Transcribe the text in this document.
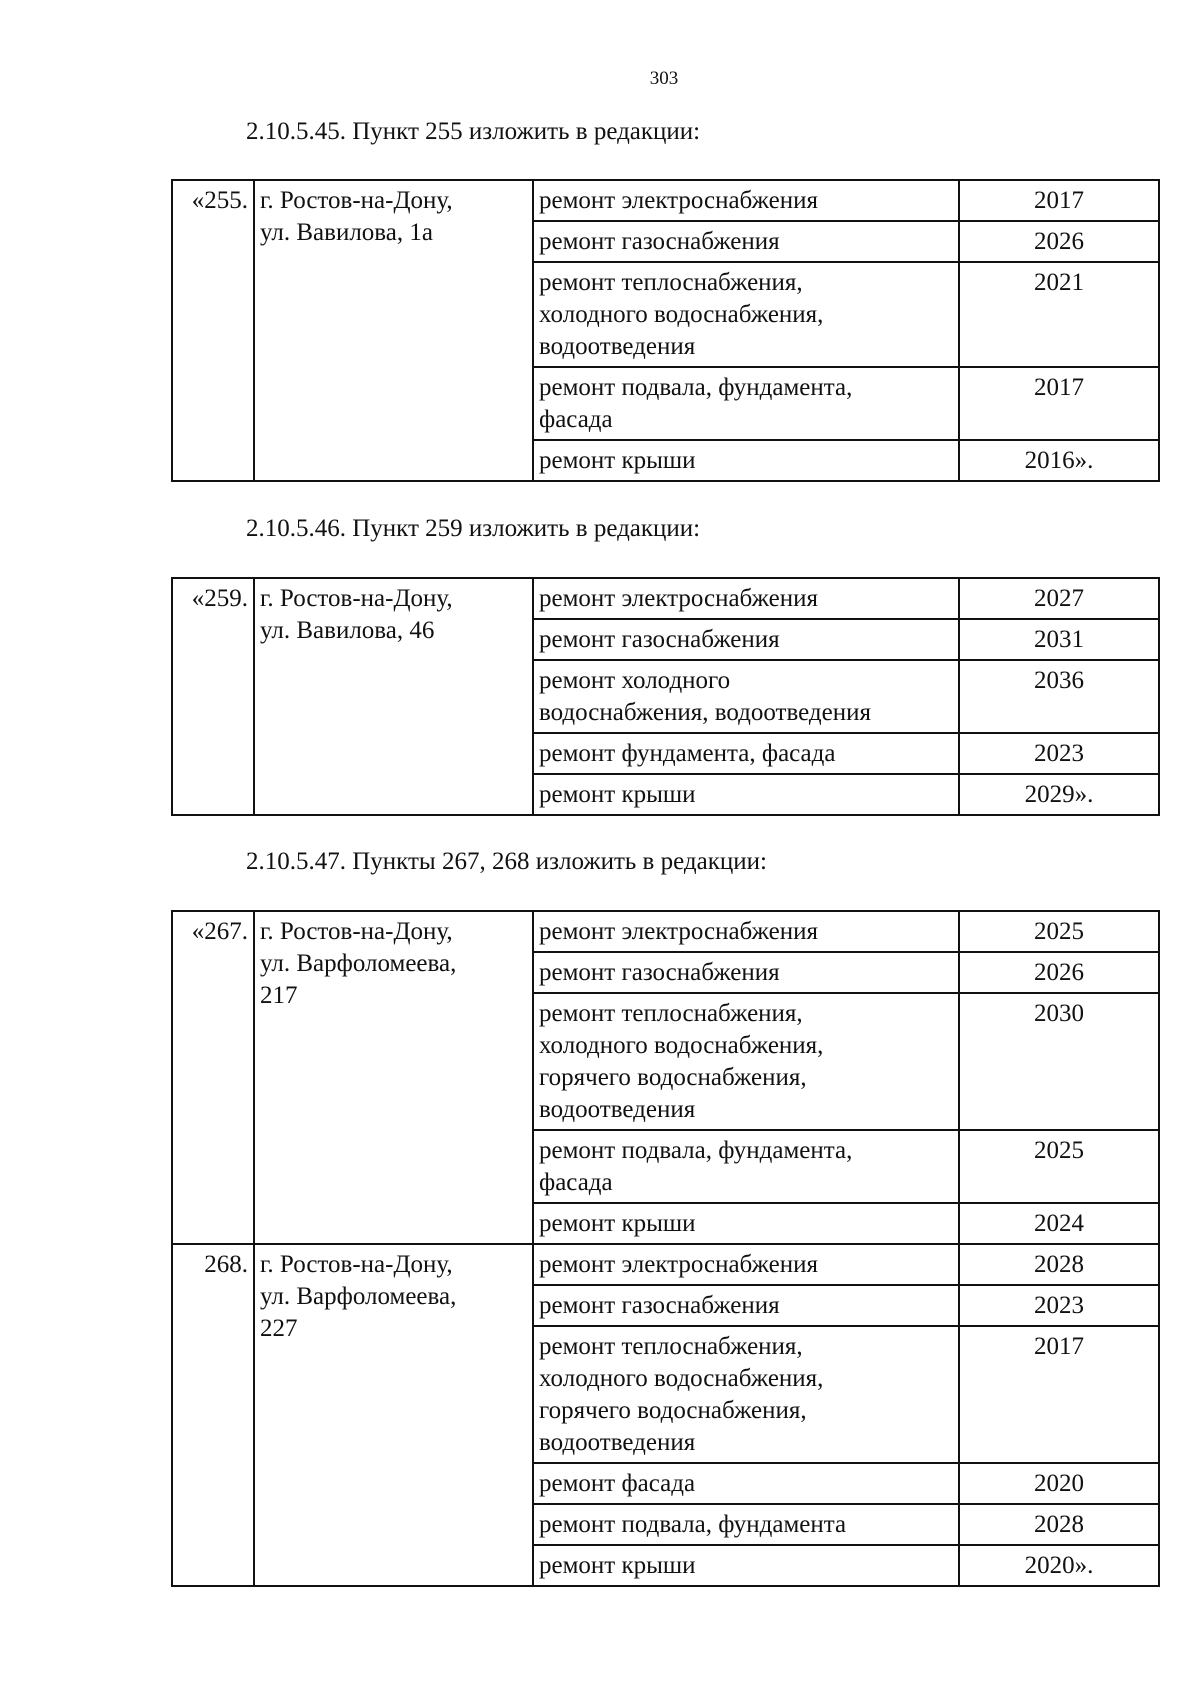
303
2.10.5.45. Пункт 255 изложить в редакции:
«255.	г. Ростов-на-Дону,
ул. Вавилова, 1а	ремонт электроснабжения	2017

		ремонт газоснабжения	2026

		ремонт теплоснабжения,
холодного водоснабжения,
водоотведения	2021

		ремонт подвала, фундамента,
фасада	2017

		ремонт крыши	2016».
2.10.5.46. Пункт 259 изложить в редакции:
«259.	г. Ростов-на-Дону,
ул. Вавилова, 46	ремонт электроснабжения	2027

		ремонт газоснабжения	2031

		ремонт холодного
водоснабжения, водоотведения	2036

		ремонт фундамента, фасада	2023

		ремонт крыши	2029».
2.10.5.47. Пункты 267, 268 изложить в редакции:
«267.	г. Ростов-на-Дону,
ул. Варфоломеева,
217	ремонт электроснабжения	2025

		ремонт газоснабжения	2026

		ремонт теплоснабжения,
холодного водоснабжения,
горячего водоснабжения,
водоотведения	2030

		ремонт подвала, фундамента,
фасада	2025

		ремонт крыши	2024
268.	г. Ростов-на-Дону,
ул. Варфоломеева,
227	ремонт электроснабжения	2028

		ремонт газоснабжения	2023

		ремонт теплоснабжения,
холодного водоснабжения,
горячего водоснабжения,
водоотведения	2017

		ремонт фасада	2020

		ремонт подвала, фундамента	2028

		ремонт крыши	2020».
